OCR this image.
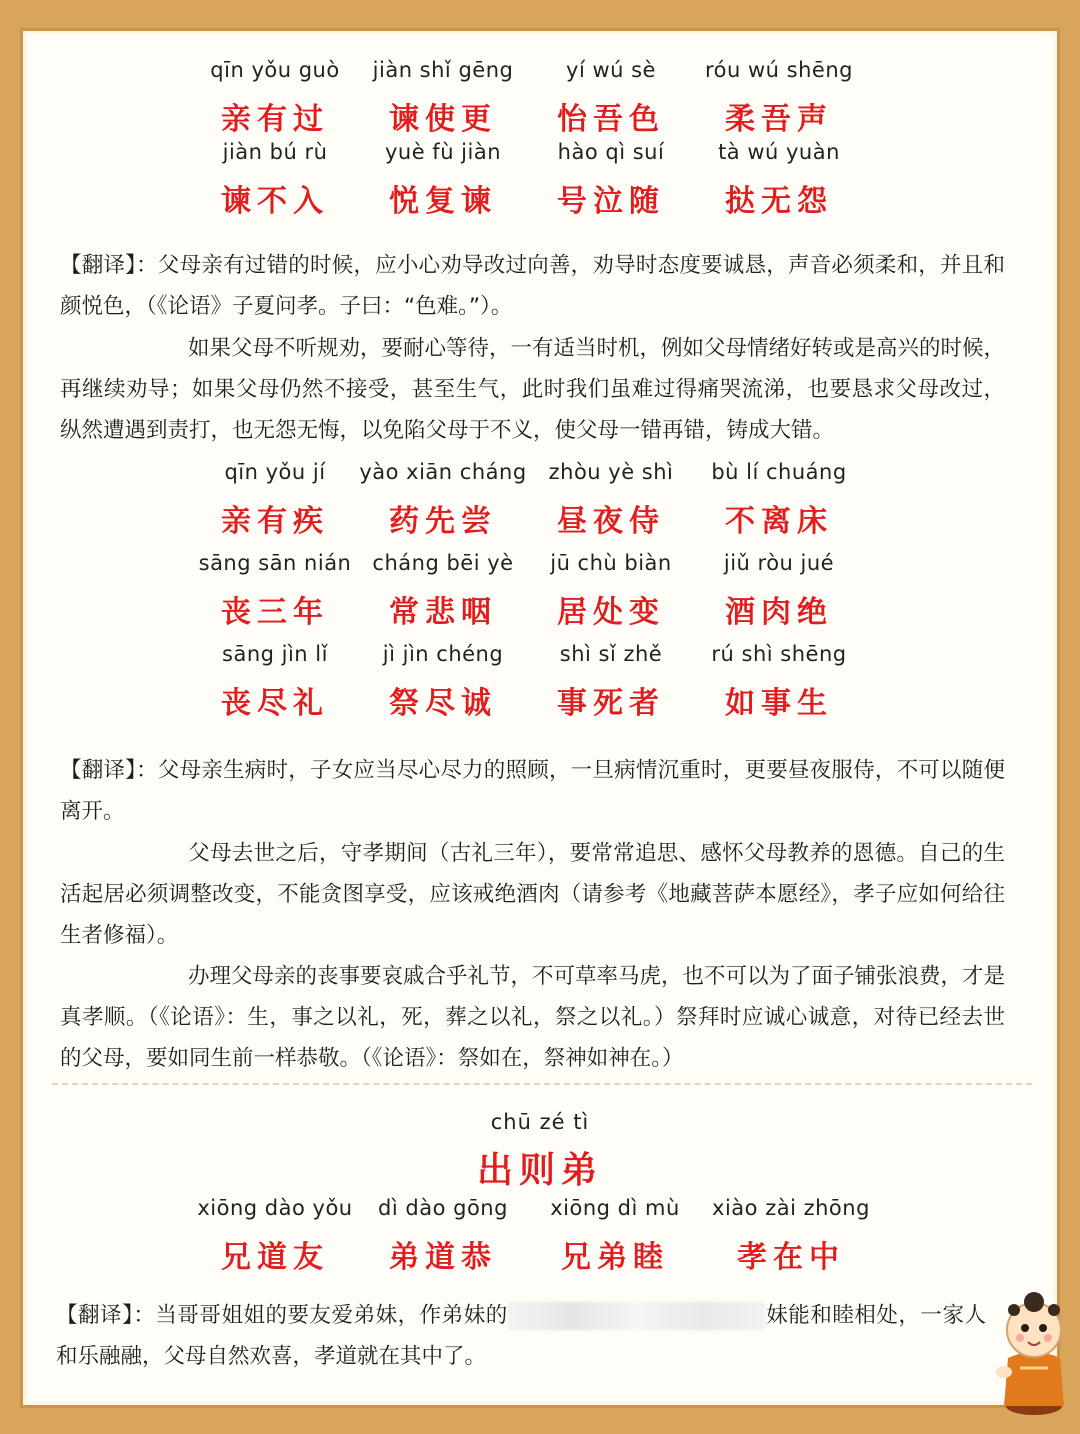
qīn yǒu guò
亲有过
jiàn shǐ gēng
谏使更
yí wú sè
怡吾色
róu wú shēng
柔吾声
jiàn bú rù
谏不入
yuè fù jiàn
悦复谏
hào qì suí
号泣随
tà wú yuàn
挞无怨
【翻译】：父母亲有过错的时候，应小心劝导改过向善，劝导时态度要诚恳，声音必须柔和，并且和颜悦色，（《论语》子夏问孝。子曰：“色难。”）。
如果父母不听规劝，要耐心等待，一有适当时机，例如父母情绪好转或是高兴的时候，再继续劝导；如果父母仍然不接受，甚至生气，此时我们虽难过得痛哭流涕，也要恳求父母改过，纵然遭遇到责打，也无怨无悔，以免陷父母于不义，使父母一错再错，铸成大错。
qīn yǒu jí
亲有疾
yào xiān cháng
药先尝
zhòu yè shì
昼夜侍
bù lí chuáng
不离床
sāng sān nián
丧三年
cháng bēi yè
常悲咽
jū chù biàn
居处变
jiǔ ròu jué
酒肉绝
sāng jìn lǐ
丧尽礼
jì jìn chéng
祭尽诚
shì sǐ zhě
事死者
rú shì shēng
如事生
【翻译】：父母亲生病时，子女应当尽心尽力的照顾，一旦病情沉重时，更要昼夜服侍，不可以随便离开。
父母去世之后，守孝期间（古礼三年），要常常追思、感怀父母教养的恩德。自己的生活起居必须调整改变，不能贪图享受，应该戒绝酒肉（请参考《地藏菩萨本愿经》，孝子应如何给往生者修福）。
办理父母亲的丧事要哀戚合乎礼节，不可草率马虎，也不可以为了面子铺张浪费，才是真孝顺。（《论语》：生，事之以礼，死，葬之以礼，祭之以礼。）祭拜时应诚心诚意，对待已经去世的父母，要如同生前一样恭敬。（《论语》：祭如在，祭神如神在。）
chū zé tì
出则弟
xiōng dào yǒu
兄道友
dì dào gōng
弟道恭
xiōng dì mù
兄弟睦
xiào zài zhōng
孝在中
【翻译】：当哥哥姐姐的要友爱弟妹，作弟妹的	妹能和睦相处，一家人和乐融融，父母自然欢喜，孝道就在其中了。
